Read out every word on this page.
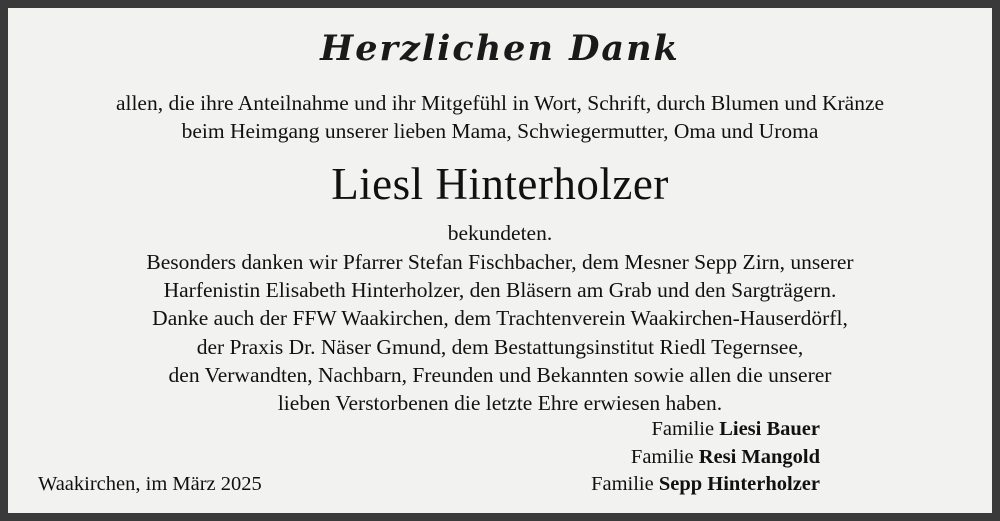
Herzlichen Dank
allen, die ihre Anteilnahme und ihr Mitgefühl in Wort, Schrift, durch Blumen und Kränze
beim Heimgang unserer lieben Mama, Schwiegermutter, Oma und Uroma
Liesl Hinterholzer
bekundeten.
Besonders danken wir Pfarrer Stefan Fischbacher, dem Mesner Sepp Zirn, unserer
Harfenistin Elisabeth Hinterholzer, den Bläsern am Grab und den Sargträgern.
Danke auch der FFW Waakirchen, dem Trachtenverein Waakirchen-Hauserdörfl,
der Praxis Dr. Näser Gmund, dem Bestattungsinstitut Riedl Tegernsee,
den Verwandten, Nachbarn, Freunden und Bekannten sowie allen die unserer
lieben Verstorbenen die letzte Ehre erwiesen haben.
Waakirchen, im März 2025
Familie Liesi Bauer
Familie Resi Mangold
Familie Sepp Hinterholzer
